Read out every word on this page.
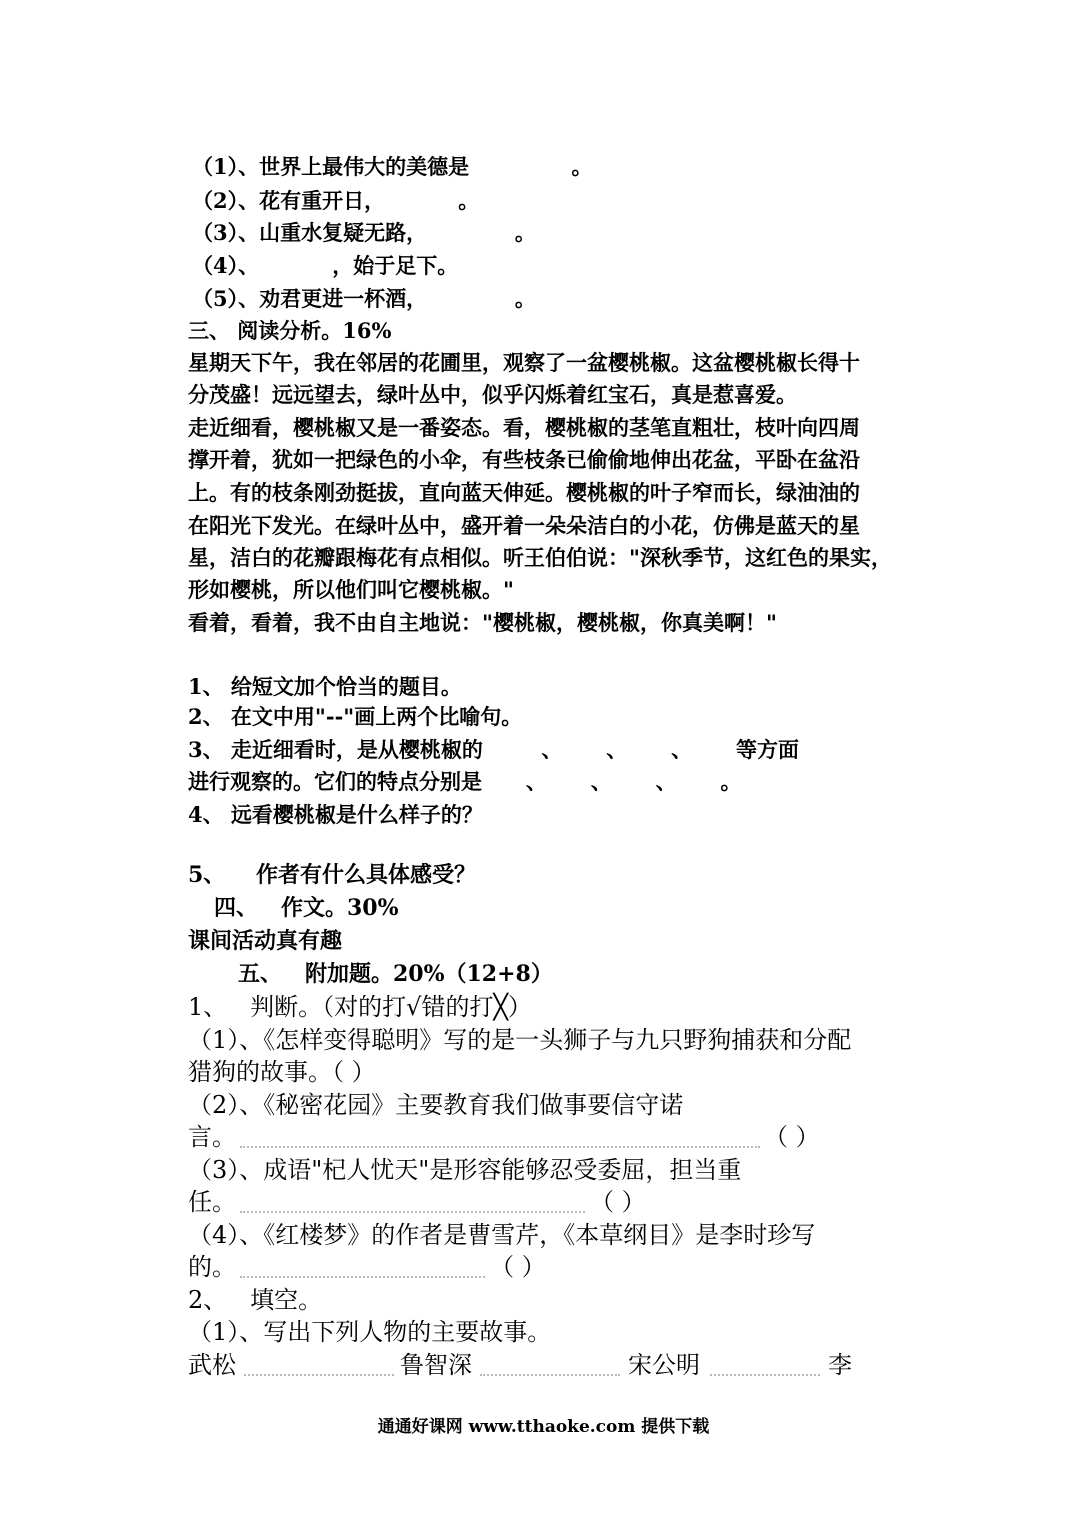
（1）、世界上最伟大的美德是              。
（2）、花有重开日，          。
（3）、山重水复疑无路，            。
（4）、          ，始于足下。
（5）、劝君更进一杯酒，            。
三、 阅读分析。16%
星期天下午，我在邻居的花圃里，观察了一盆樱桃椒。这盆樱桃椒长得十
分茂盛！远远望去，绿叶丛中，似乎闪烁着红宝石，真是惹喜爱。
走近细看，樱桃椒又是一番姿态。看，樱桃椒的茎笔直粗壮，枝叶向四周
撑开着，犹如一把绿色的小伞，有些枝条已偷偷地伸出花盆，平卧在盆沿
上。有的枝条刚劲挺拔，直向蓝天伸延。樱桃椒的叶子窄而长，绿油油的
在阳光下发光。在绿叶丛中，盛开着一朵朵洁白的小花，仿佛是蓝天的星
星，洁白的花瓣跟梅花有点相似。听王伯伯说："深秋季节，这红色的果实，
形如樱桃，所以他们叫它樱桃椒。"
看着，看着，我不由自主地说："樱桃椒，樱桃椒，你真美啊！"
1、 给短文加个恰当的题目。
2、 在文中用"--"画上两个比喻句。
3、 走近细看时，是从樱桃椒的        、      、      、      等方面
进行观察的。它们的特点分别是      、      、      、      。
4、 远看樱桃椒是什么样子的？
5、    作者有什么具体感受？
四、   作文。30%
课间活动真有趣
五、   附加题。20%（12+8）
1、   判断。（对的打√错的打╳）
（1）、《怎样变得聪明》写的是一头狮子与九只野狗捕获和分配
猎狗的故事。（ ）
（2）、《秘密花园》主要教育我们做事要信守诺
言。	（ ）
（3）、成语"杞人忧天"是形容能够忍受委屈，担当重
任。	（ ）
（4）、《红楼梦》的作者是曹雪芹，《本草纲目》是李时珍写
的。	（ ）
2、   填空。
（1）、写出下列人物的主要故事。
武松	鲁智深	宋公明	李
通通好课网 www.tthaoke.com 提供下载
